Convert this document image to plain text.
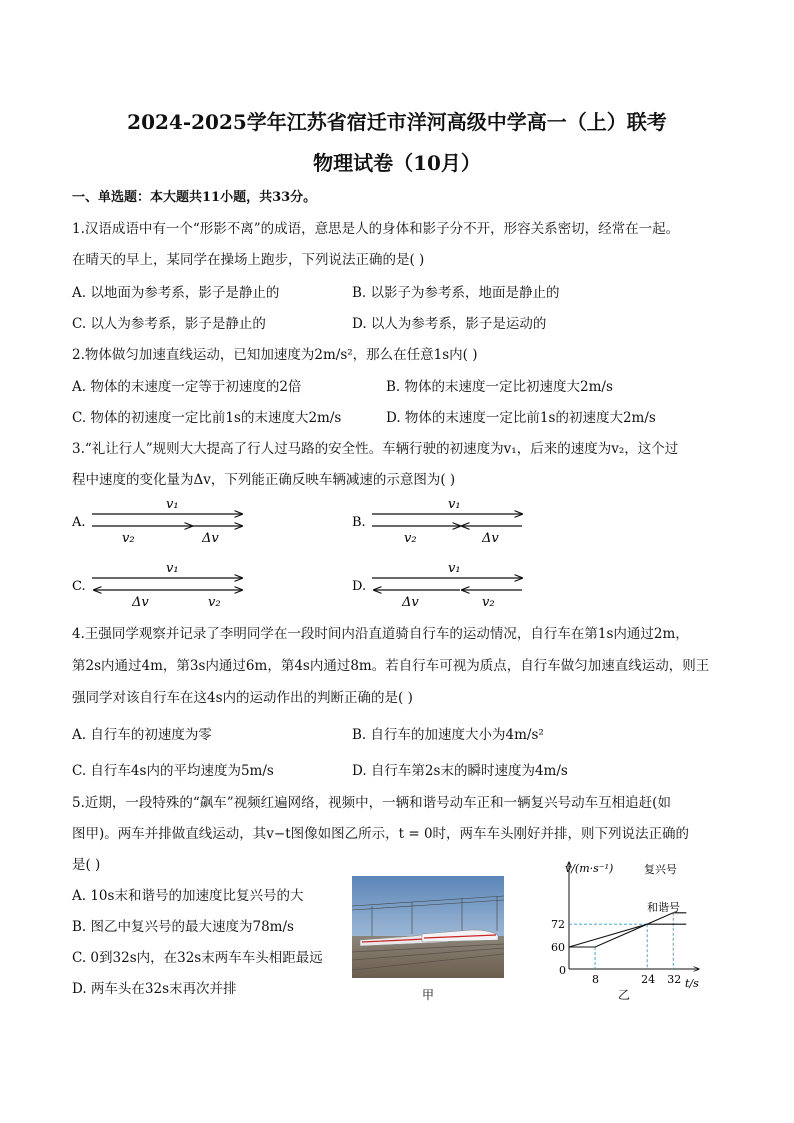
2024-2025学年江苏省宿迁市洋河高级中学高一（上）联考
物理试卷（10月）
一、单选题：本大题共11小题，共33分。
1.汉语成语中有一个“形影不离”的成语，意思是人的身体和影子分不开，形容关系密切，经常在一起。
在晴天的早上，某同学在操场上跑步，下列说法正确的是( )
A. 以地面为参考系，影子是静止的	B. 以影子为参考系，地面是静止的
C. 以人为参考系，影子是静止的	D. 以人为参考系，影子是运动的
2.物体做匀加速直线运动，已知加速度为2m/s²，那么在任意1s内( )
A. 物体的末速度一定等于初速度的2倍	B. 物体的末速度一定比初速度大2m/s
C. 物体的初速度一定比前1s的末速度大2m/s	D. 物体的末速度一定比前1s的初速度大2m/s
3.“礼让行人”规则大大提高了行人过马路的安全性。车辆行驶的初速度为v₁，后来的速度为v₂，这个过
程中速度的变化量为Δv，下列能正确反映车辆减速的示意图为( )
A.
v₁
v₂	Δv
B.
v₁
v₂	Δv
C.
v₁
Δv	v₂
D.
v₁
Δv	v₂
4.王强同学观察并记录了李明同学在一段时间内沿直道骑自行车的运动情况，自行车在第1s内通过2m，
第2s内通过4m，第3s内通过6m，第4s内通过8m。若自行车可视为质点，自行车做匀加速直线运动，则王
强同学对该自行车在这4s内的运动作出的判断正确的是( )
A. 自行车的初速度为零	B. 自行车的加速度大小为4m/s²
C. 自行车4s内的平均速度为5m/s	D. 自行车第2s末的瞬时速度为4m/s
5.近期，一段特殊的“飙车”视频红遍网络，视频中，一辆和谐号动车正和一辆复兴号动车互相追赶(如
图甲)。两车并排做直线运动，其v−t图像如图乙所示，t = 0时，两车车头刚好并排，则下列说法正确的
是( )
A. 10s末和谐号的加速度比复兴号的大
B. 图乙中复兴号的最大速度为78m/s
C. 0到32s内，在32s末两车车头相距最远
D. 两车头在32s末再次并排	甲
v/(m·s⁻¹)
t/s
0
8	24 32
60
72
复兴号
和谐号
乙
